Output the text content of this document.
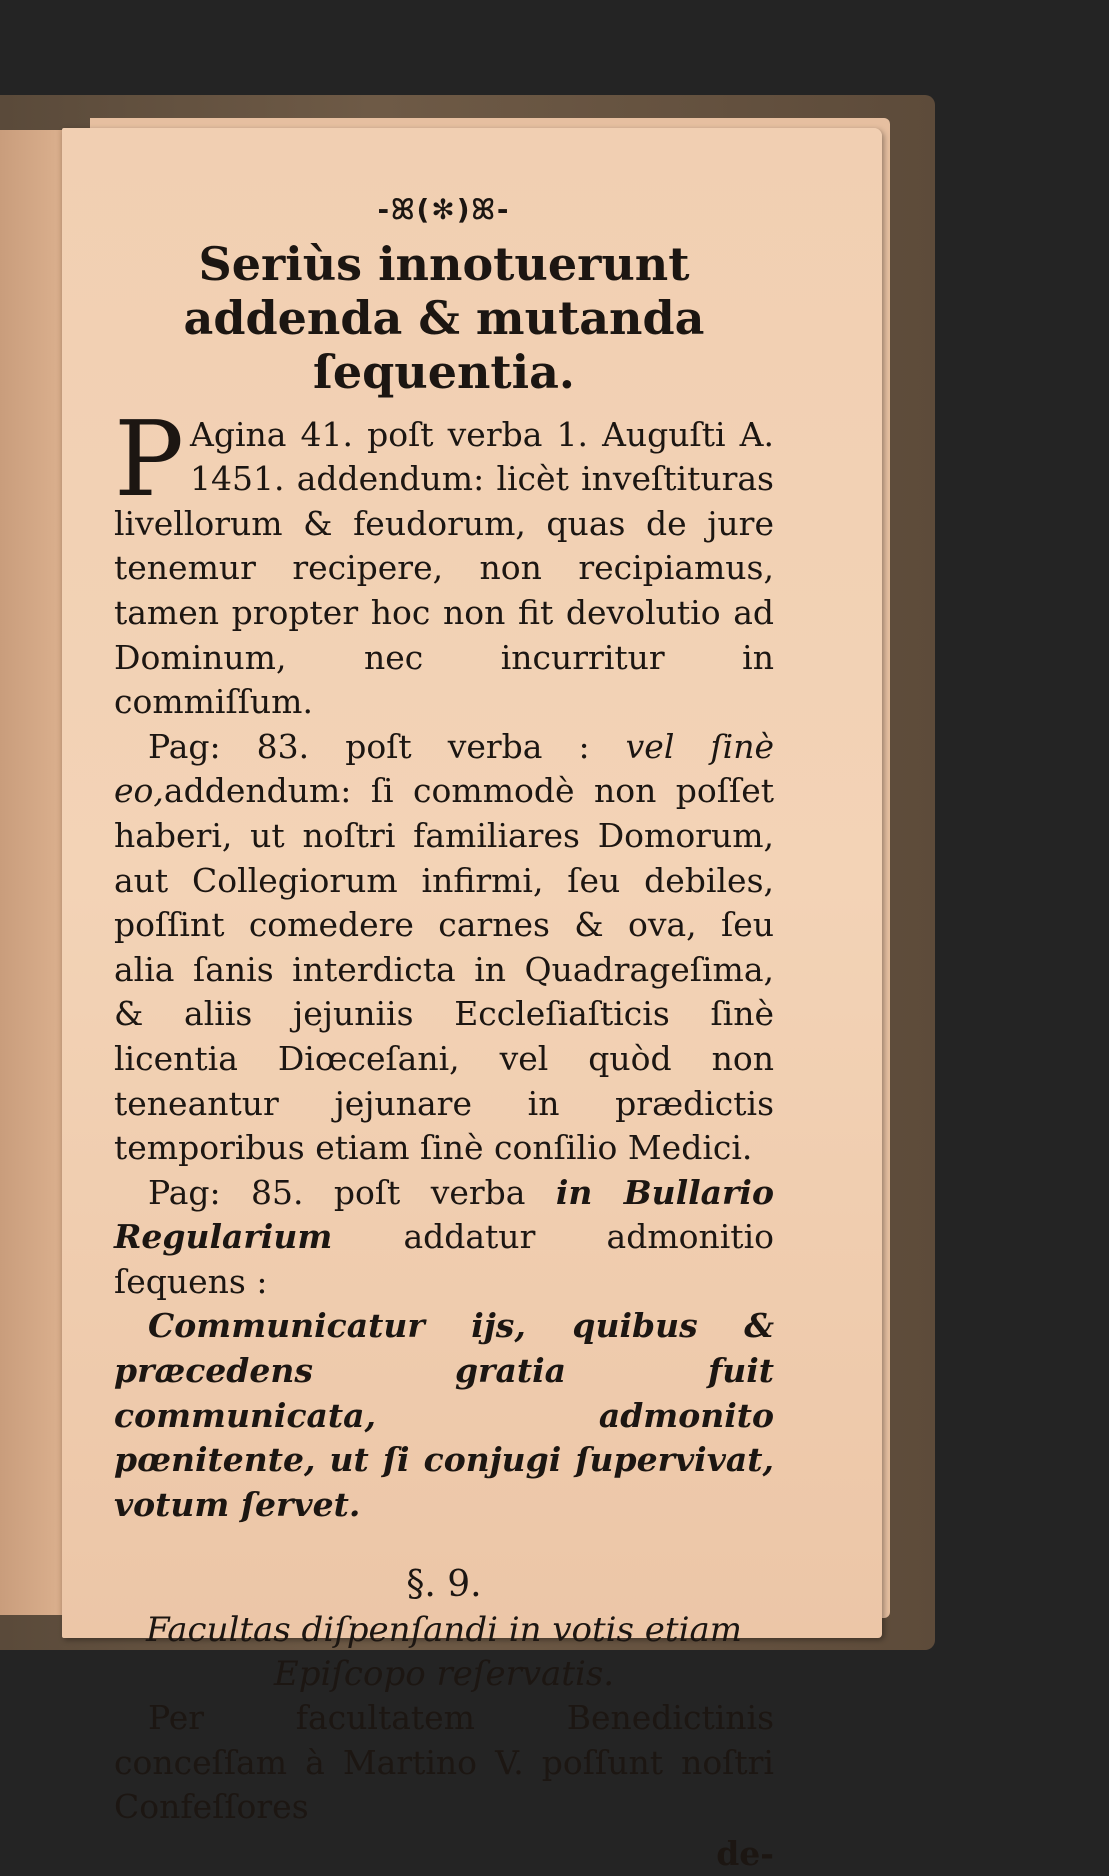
-ꕤ(✻)ꕤ-
Seriùs innotuerunt addenda & mutanda ſequentia.

P Agina 41. poſt verba 1. Auguſti A. 1451. addendum: licèt inveſtituras livellorum & feudorum, quas de jure tenemur recipere, non recipiamus, tamen propter hoc non fit devolutio ad Dominum, nec incurritur in commiſſum.

Pag: 83. poſt verba : vel ſinè eo,addendum: ſi commodè non poſſet haberi, ut noſtri familiares Domorum, aut Collegiorum infirmi, ſeu debiles, poſſint comedere carnes & ova, ſeu alia ſanis interdicta in Quadrageſima, & aliis jejuniis Eccleſiaſticis ſinè licentia Diœceſani, vel quòd non teneantur jejunare in prædictis temporibus etiam ſinè conſilio Medici.

Pag: 85. poſt verba in Bullario Regularium addatur admonitio ſequens :

Communicatur ijs, quibus & præcedens gratia fuit communicata, admonito pœnitente, ut ſi conjugi ſupervivat, votum ſervet.

§. 9.
Facultas diſpenſandi in votis etiam Epiſcopo reſervatis.

Per facultatem Benedictinis conceſſam à Martino V. poſſunt noſtri Confeſſores

de-
